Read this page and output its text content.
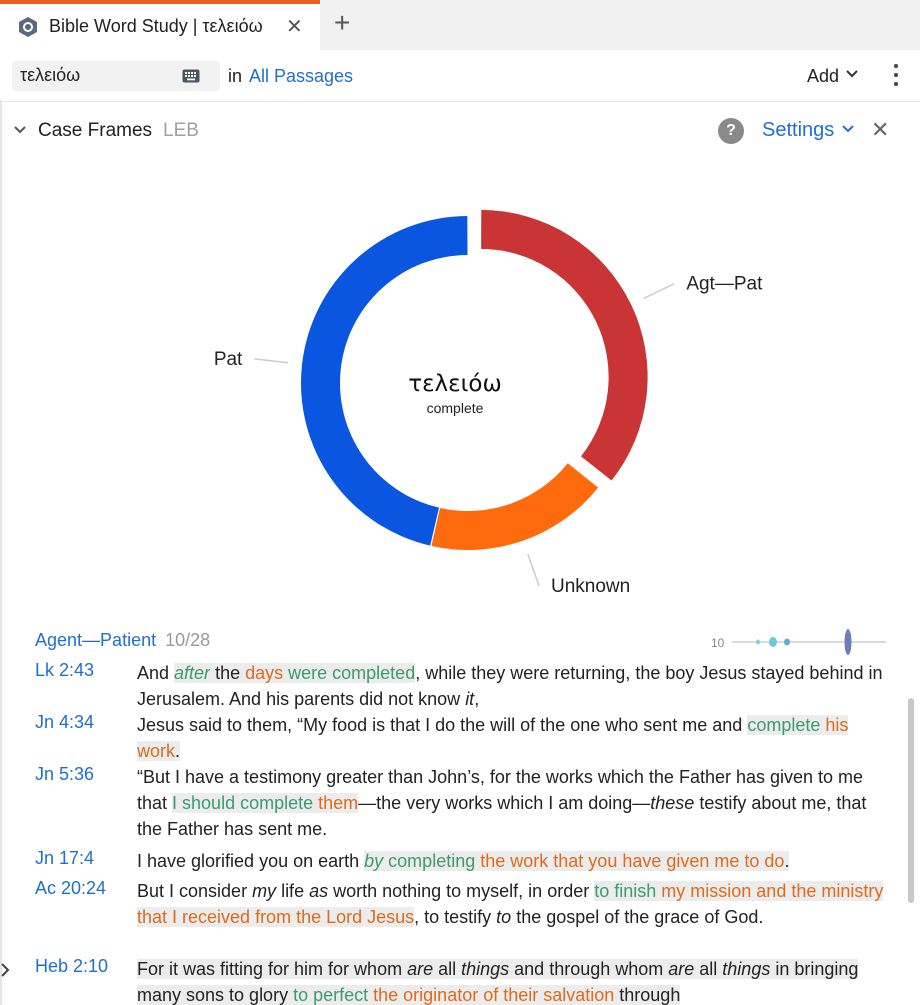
Bible Word Study | τελειόω ✕ +
τελειόω	in All Passages	Add
Case Frames LEB	?	Settings ✕
Agt—Pat
Unknown
Pat
τελειόω
complete
Agent—Patient 10/28	10
Lk 2:43 And after the days were completed, while they were returning, the boy Jesus stayed behind in Jerusalem. And his parents did not know it,
Jn 4:34 Jesus said to them, “My food is that I do the will of the one who sent me and complete his work.
Jn 5:36 “But I have a testimony greater than John’s, for the works which the Father has given to me that I should complete them—the very works which I am doing—these testify about me, that the Father has sent me.
Jn 17:4 I have glorified you on earth by completing the work that you have given me to do.
Ac 20:24 But I consider my life as worth nothing to myself, in order to finish my mission and the ministry that I received from the Lord Jesus, to testify to the gospel of the grace of God.
Heb 2:10 For it was fitting for him for whom are all things and through whom are all things in bringing many sons to glory to perfect the originator of their salvation through
